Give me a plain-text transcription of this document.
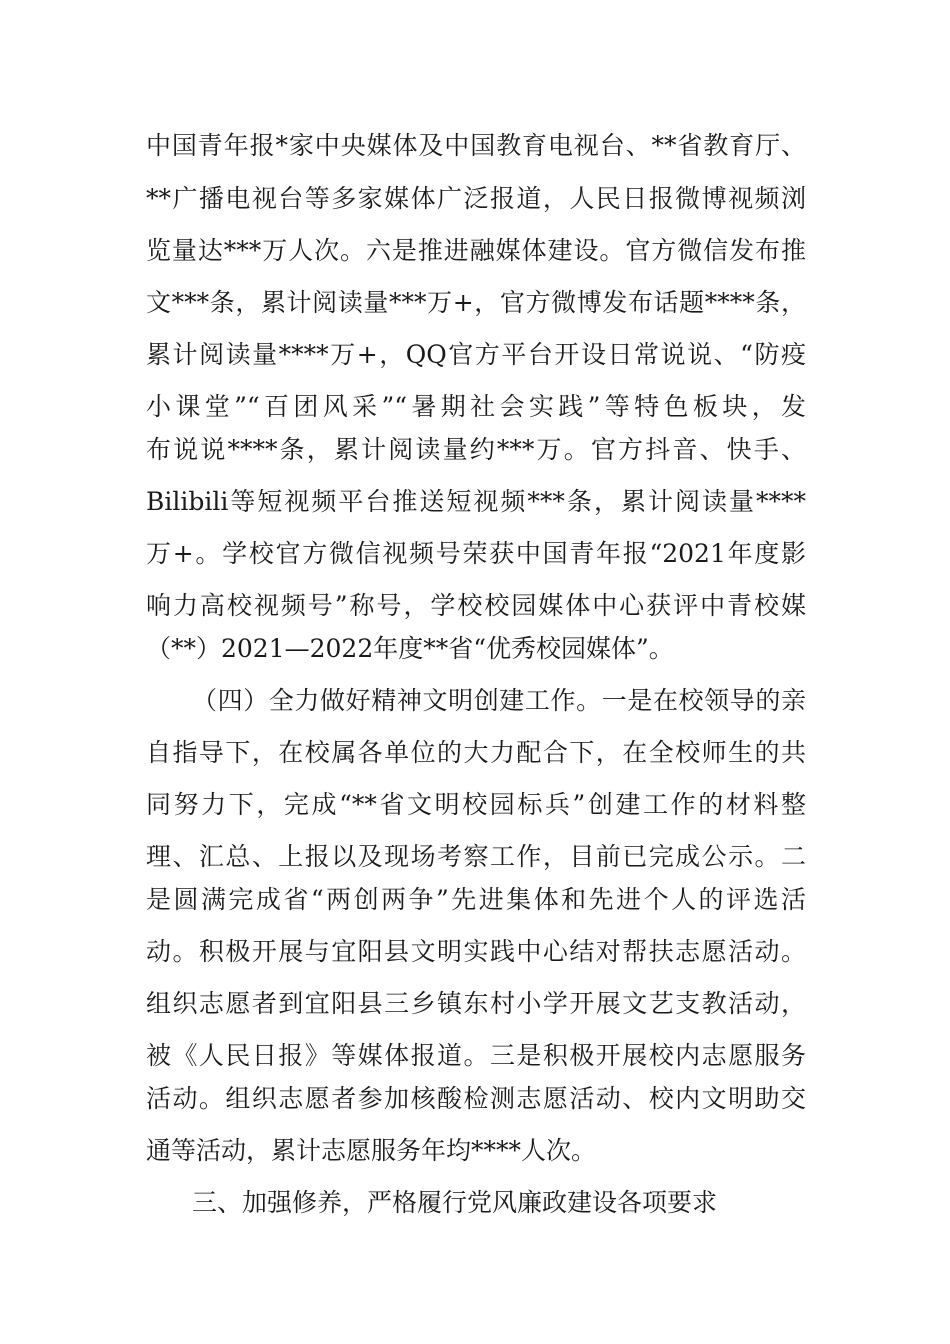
中国青年报*家中央媒体及中国教育电视台、**省教育厅、
**广播电视台等多家媒体广泛报道，人民日报微博视频浏
览量达***万人次。六是推进融媒体建设。官方微信发布推
文***条，累计阅读量***万+，官方微博发布话题****条，
累计阅读量****万+，QQ官方平台开设日常说说、“防疫
小课堂”“百团风采”“暑期社会实践”等特色板块，发
布说说****条，累计阅读量约***万。官方抖音、快手、
Bilibili等短视频平台推送短视频***条，累计阅读量****
万+。学校官方微信视频号荣获中国青年报“2021年度影
响力高校视频号”称号，学校校园媒体中心获评中青校媒
（**）2021—2022年度**省“优秀校园媒体”。
（四）全力做好精神文明创建工作。一是在校领导的亲
自指导下，在校属各单位的大力配合下，在全校师生的共
同努力下，完成“**省文明校园标兵”创建工作的材料整
理、汇总、上报以及现场考察工作，目前已完成公示。二
是圆满完成省“两创两争”先进集体和先进个人的评选活
动。积极开展与宜阳县文明实践中心结对帮扶志愿活动。
组织志愿者到宜阳县三乡镇东村小学开展文艺支教活动，
被《人民日报》等媒体报道。三是积极开展校内志愿服务
活动。组织志愿者参加核酸检测志愿活动、校内文明助交
通等活动，累计志愿服务年均****人次。
三、加强修养，严格履行党风廉政建设各项要求
